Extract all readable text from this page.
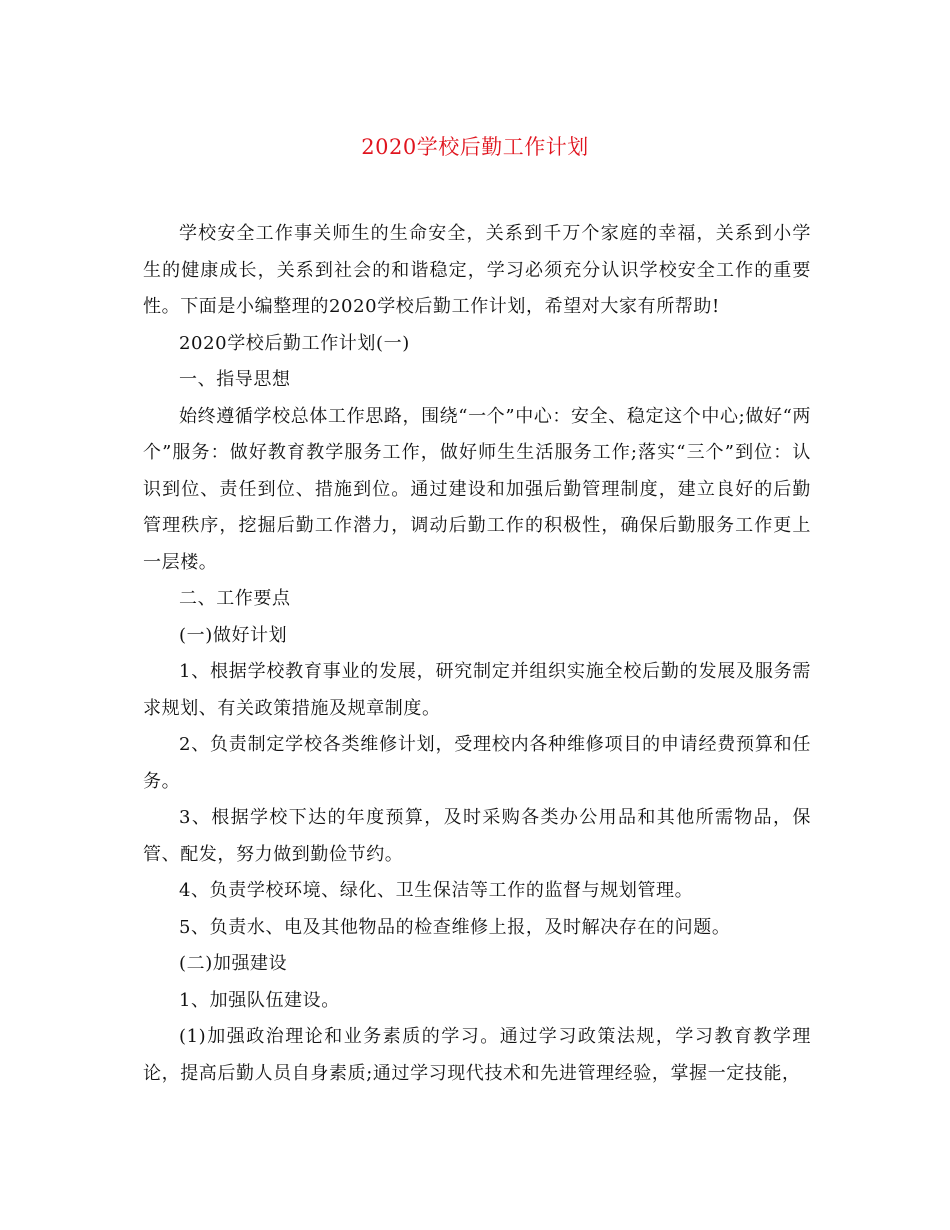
2020学校后勤工作计划

学校安全工作事关师生的生命安全，关系到千万个家庭的幸福，关系到小学生的健康成长，关系到社会的和谐稳定，学习必须充分认识学校安全工作的重要性。下面是小编整理的2020学校后勤工作计划，希望对大家有所帮助!

2020学校后勤工作计划(一)

一、指导思想

始终遵循学校总体工作思路，围绕“一个”中心：安全、稳定这个中心;做好“两个”服务：做好教育教学服务工作，做好师生生活服务工作;落实“三个”到位：认识到位、责任到位、措施到位。通过建设和加强后勤管理制度，建立良好的后勤管理秩序，挖掘后勤工作潜力，调动后勤工作的积极性，确保后勤服务工作更上一层楼。

二、工作要点

(一)做好计划

1、根据学校教育事业的发展，研究制定并组织实施全校后勤的发展及服务需求规划、有关政策措施及规章制度。

2、负责制定学校各类维修计划，受理校内各种维修项目的申请经费预算和任务。

3、根据学校下达的年度预算，及时采购各类办公用品和其他所需物品，保管、配发，努力做到勤俭节约。

4、负责学校环境、绿化、卫生保洁等工作的监督与规划管理。

5、负责水、电及其他物品的检查维修上报，及时解决存在的问题。

(二)加强建设

1、加强队伍建设。

(1)加强政治理论和业务素质的学习。通过学习政策法规，学习教育教学理论，提高后勤人员自身素质;通过学习现代技术和先进管理经验，掌握一定技能，
